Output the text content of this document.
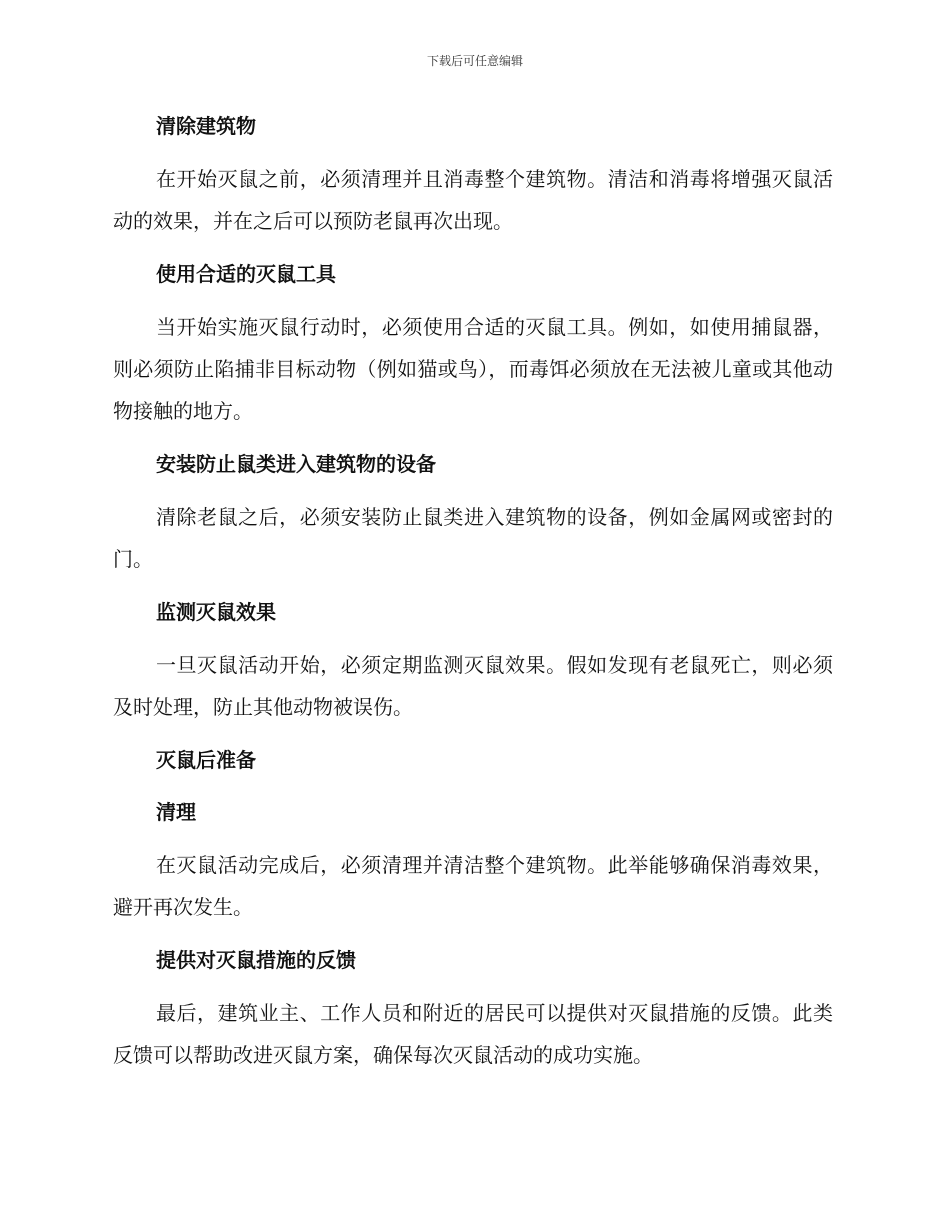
下载后可任意编辑
清除建筑物

在开始灭鼠之前，必须清理并且消毒整个建筑物。清洁和消毒将增强灭鼠活动的效果，并在之后可以预防老鼠再次出现。

使用合适的灭鼠工具

当开始实施灭鼠行动时，必须使用合适的灭鼠工具。例如，如使用捕鼠器，则必须防止陷捕非目标动物（例如猫或鸟），而毒饵必须放在无法被儿童或其他动物接触的地方。

安装防止鼠类进入建筑物的设备

清除老鼠之后，必须安装防止鼠类进入建筑物的设备，例如金属网或密封的门。

监测灭鼠效果

一旦灭鼠活动开始，必须定期监测灭鼠效果。假如发现有老鼠死亡，则必须及时处理，防止其他动物被误伤。

灭鼠后准备
清理

在灭鼠活动完成后，必须清理并清洁整个建筑物。此举能够确保消毒效果，避开再次发生。

提供对灭鼠措施的反馈

最后，建筑业主、工作人员和附近的居民可以提供对灭鼠措施的反馈。此类反馈可以帮助改进灭鼠方案，确保每次灭鼠活动的成功实施。
